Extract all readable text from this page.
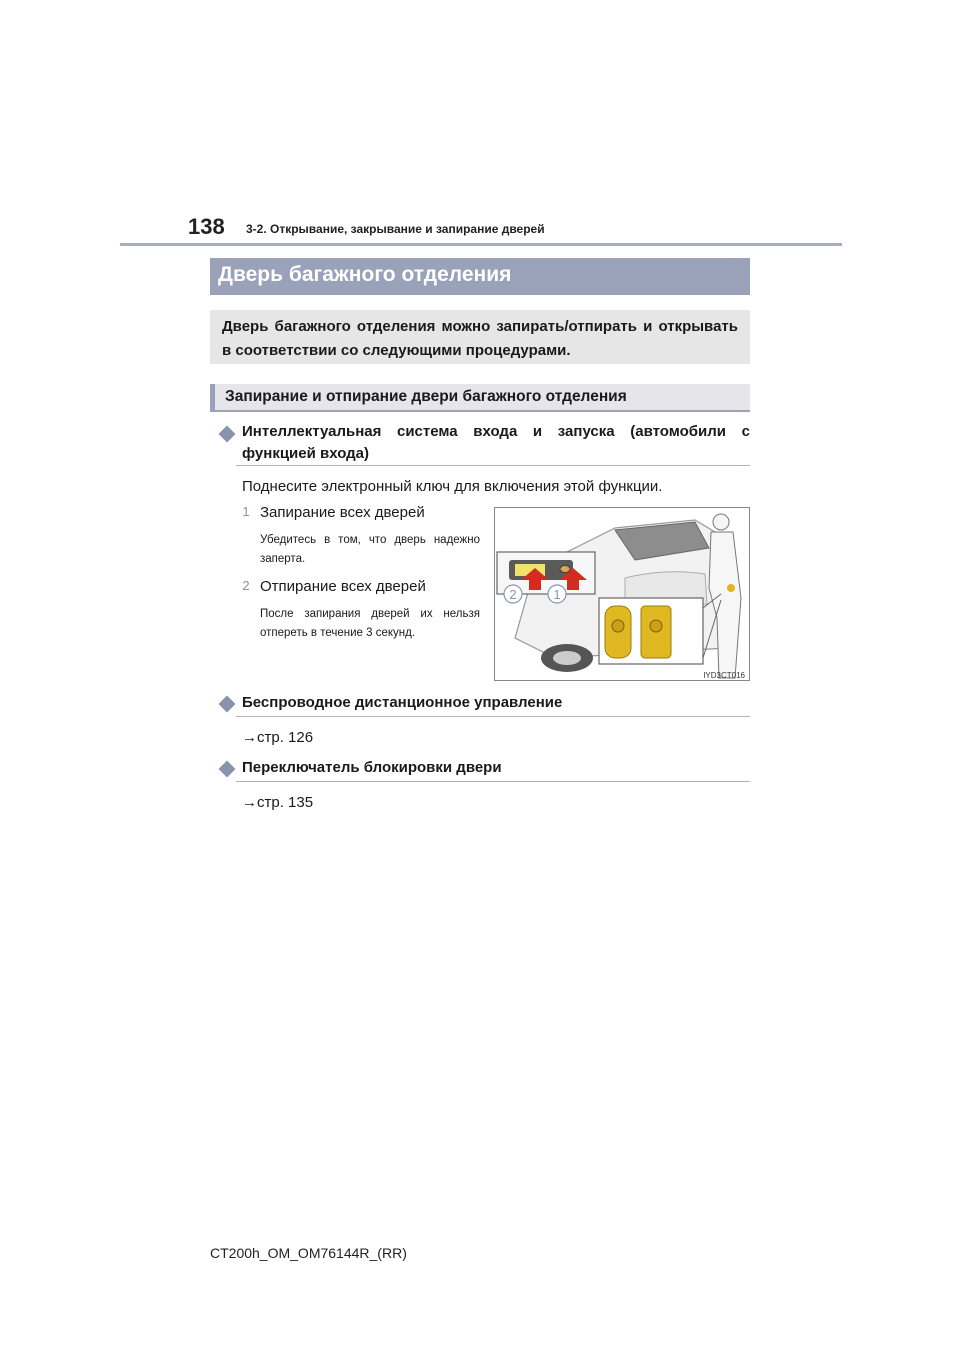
138 3-2. Открывание, закрывание и запирание дверей
Дверь багажного отделения

Дверь багажного отделения можно запирать/отпирать и открывать в соответствии со следующими процедурами.

Запирание и отпирание двери багажного отделения
Интеллектуальная система входа и запуска (автомобили с функцией входа)
Поднесите электронный ключ для включения этой функции.
1 Запирание всех дверей
Убедитесь в том, что дверь надежно заперта.
2 Отпирание всех дверей
После запирания дверей их нельзя отпереть в течение 3 секунд.
2	1
IYD3CT016
Беспроводное дистанционное управление
→стр. 126
Переключатель блокировки двери
→стр. 135
CT200h_OM_OM76144R_(RR)
